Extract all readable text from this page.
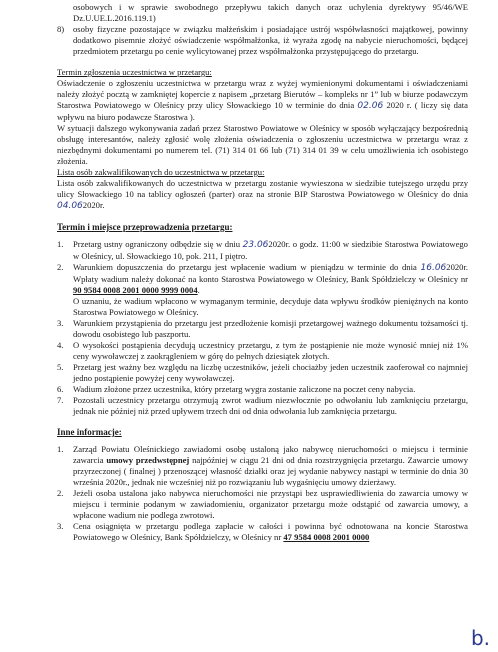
osobowych i w sprawie swobodnego przepływu takich danych oraz uchylenia dyrektywy 95/46/WE Dz.U.UE.L.2016.119.1)

8)	osoby fizyczne pozostające w związku małżeńskim i posiadające ustrój współwłasności majątkowej, powinny dodatkowo pisemnie złożyć oświadczenie współmałżonka, iż wyraża zgodę na nabycie nieruchomości, będącej przedmiotem przetargu po cenie wylicytowanej przez współmałżonka przystępującego do przetargu.

Termin zgłoszenia uczestnictwa w przetargu:

Oświadczenie o zgłoszeniu uczestnictwa w przetargu wraz z wyżej wymienionymi dokumentami i oświadczeniami należy złożyć pocztą w zamkniętej kopercie z napisem „przetarg Bierutów – kompleks nr 1” lub w biurze podawczym Starostwa Powiatowego w Oleśnicy przy ulicy Słowackiego 10 w terminie do dnia 02.06 2020 r. ( liczy się data wpływu na biuro podawcze Starostwa ).

W sytuacji dalszego wykonywania zadań przez Starostwo Powiatowe w Oleśnicy w sposób wyłączający bezpośrednią obsługę interesantów, należy zgłosić wolę złożenia oświadczenia o zgłoszeniu uczestnictwa w przetargu wraz z niezbędnymi dokumentami po numerem tel. (71) 314 01 66 lub (71) 314 01 39 w celu umożliwienia ich osobistego złożenia.

Lista osób zakwalifikowanych do uczestnictwa w przetargu:

Lista osób zakwalifikowanych do uczestnictwa w przetargu zostanie wywieszona w siedzibie tutejszego urzędu przy ulicy Słowackiego 10 na tablicy ogłoszeń (parter) oraz na stronie BIP Starostwa Powiatowego w Oleśnicy do dnia 04.062020r.

Termin i miejsce przeprowadzenia przetargu:

1.	Przetarg ustny ograniczony odbędzie się w dniu 23.062020r. o godz. 11:00 w siedzibie Starostwa Powiatowego w Oleśnicy, ul. Słowackiego 10, pok. 211, I piętro.
2.	Warunkiem dopuszczenia do przetargu jest wpłacenie wadium w pieniądzu w terminie do dnia 16.062020r. Wpłaty wadium należy dokonać na konto Starostwa Powiatowego w Oleśnicy, Bank Spółdzielczy w Oleśnicy nr 90 9584 0008 2001 0000 9999 0004.
O uznaniu, że wadium wpłacono w wymaganym terminie, decyduje data wpływu środków pieniężnych na konto Starostwa Powiatowego w Oleśnicy.
3.	Warunkiem przystąpienia do przetargu jest przedłożenie komisji przetargowej ważnego dokumentu tożsamości tj. dowodu osobistego lub paszportu.
4.	O wysokości postąpienia decydują uczestnicy przetargu, z tym że postąpienie nie może wynosić mniej niż 1% ceny wywoławczej z zaokrągleniem w górę do pełnych dziesiątek złotych.
5.	Przetarg jest ważny bez względu na liczbę uczestników, jeżeli chociażby jeden uczestnik zaoferował co najmniej jedno postąpienie powyżej ceny wywoławczej.
6.	Wadium złożone przez uczestnika, który przetarg wygra zostanie zaliczone na poczet ceny nabycia.
7.	Pozostali uczestnicy przetargu otrzymują zwrot wadium niezwłocznie po odwołaniu lub zamknięciu przetargu, jednak nie później niż przed upływem trzech dni od dnia odwołania lub zamknięcia przetargu.

Inne informacje:

1.	Zarząd Powiatu Oleśnickiego zawiadomi osobę ustaloną jako nabywcę nieruchomości o miejscu i terminie zawarcia umowy przedwstępnej najpóźniej w ciągu 21 dni od dnia rozstrzygnięcia przetargu. Zawarcie umowy przyrzeczonej ( finalnej ) przenoszącej własność działki oraz jej wydanie nabywcy nastąpi w terminie do dnia 30 września 2020r., jednak nie wcześniej niż po rozwiązaniu lub wygaśnięciu umowy dzierżawy.
2.	Jeżeli osoba ustalona jako nabywca nieruchomości nie przystąpi bez usprawiedliwienia do zawarcia umowy w miejscu i terminie podanym w zawiadomieniu, organizator przetargu może odstąpić od zawarcia umowy, a wpłacone wadium nie podlega zwrotowi.
3.	Cena osiągnięta w przetargu podlega zapłacie w całości i powinna być odnotowana na koncie Starostwa Powiatowego w Oleśnicy, Bank Spółdzielczy, w Oleśnicy nr 47 9584 0008 2001 0000
b.
